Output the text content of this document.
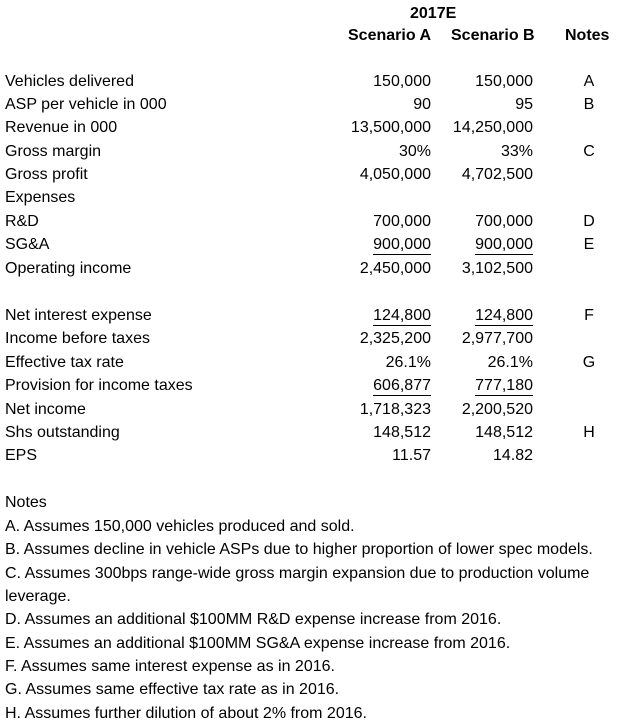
2017E
Scenario A Scenario B Notes
Vehicles delivered	150,000	150,000	A
ASP per vehicle in 000	90	95	B
Revenue in 000	13,500,000 14,250,000
Gross margin	30%	33%	C
Gross profit	4,050,000 4,702,500
Expenses
R&D	700,000	700,000	D
SG&A	900,000	900,000	E
Operating income	2,450,000 3,102,500
Net interest expense	124,800	124,800	F
Income before taxes	2,325,200 2,977,700
Effective tax rate	26.1%	26.1%	G
Provision for income taxes	606,877	777,180
Net income	1,718,323 2,200,520
Shs outstanding	148,512	148,512	H
EPS	11.57	14.82
Notes
A. Assumes 150,000 vehicles produced and sold.
B. Assumes decline in vehicle ASPs due to higher proportion of lower spec models.
C. Assumes 300bps range-wide gross margin expansion due to production volume
leverage.
D. Assumes an additional $100MM R&D expense increase from 2016.
E. Assumes an additional $100MM SG&A expense increase from 2016.
F. Assumes same interest expense as in 2016.
G. Assumes same effective tax rate as in 2016.
H. Assumes further dilution of about 2% from 2016.
